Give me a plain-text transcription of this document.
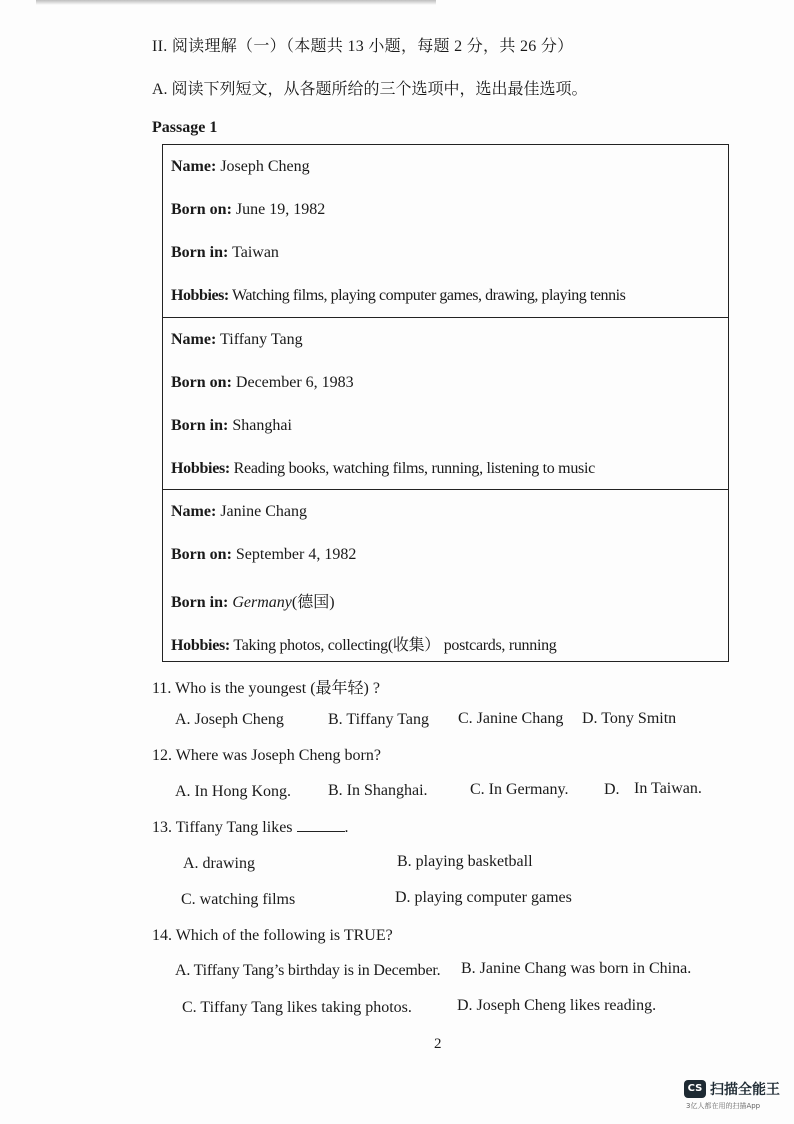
II. 阅读理解（一）（本题共 13 小题，每题 2 分，共 26 分）
A. 阅读下列短文，从各题所给的三个选项中，选出最佳选项。
Passage 1
Name: Joseph Cheng
Born on: June 19, 1982
Born in: Taiwan
Hobbies: Watching films, playing computer games, drawing, playing tennis
Name: Tiffany Tang
Born on: December 6, 1983
Born in: Shanghai
Hobbies: Reading books, watching films, running, listening to music
Name: Janine Chang
Born on: September 4, 1982
Born in: Germany(德国)
Hobbies: Taking photos, collecting(收集） postcards, running
11. Who is the youngest (最年轻) ?
A. Joseph Cheng	B. Tiffany Tang C. Janine Chang D. Tony Smitn
12. Where was Joseph Cheng born?
A. In Hong Kong. B. In Shanghai.	C. In Germany. D. In Taiwan.
13. Tiffany Tang likes	.
A. drawing	B. playing basketball
C. watching films	D. playing computer games
14. Which of the following is TRUE?
A. Tiffany Tang’s birthday is in December. B. Janine Chang was born in China.
C. Tiffany Tang likes taking photos.	D. Joseph Cheng likes reading.
2
CS 扫描全能王
3亿人都在用的扫描App
